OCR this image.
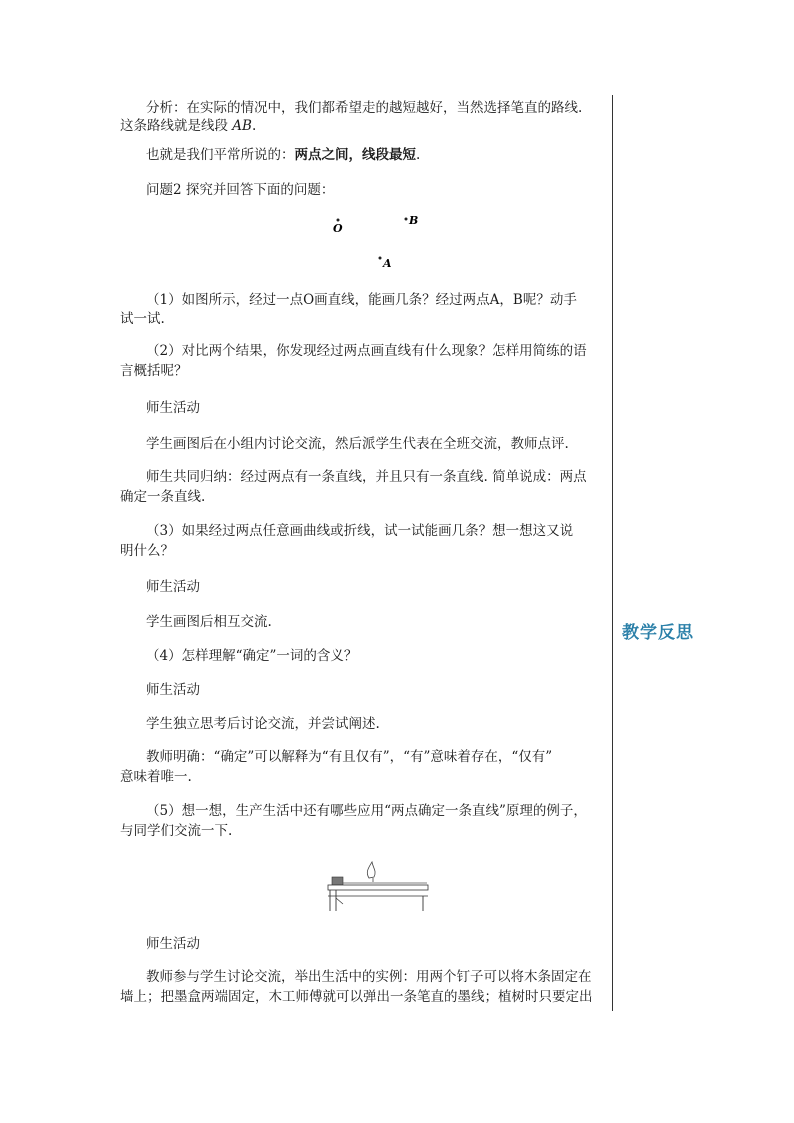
分析：在实际的情况中，我们都希望走的越短越好，当然选择笔直的路线.

这条路线就是线段 AB.

也就是我们平常所说的：两点之间，线段最短.

问题2 探究并回答下面的问题：

O
B
A

（1）如图所示，经过一点O画直线，能画几条？经过两点A，B呢？动手

试一试.

（2）对比两个结果，你发现经过两点画直线有什么现象？怎样用简练的语

言概括呢？

师生活动

学生画图后在小组内讨论交流，然后派学生代表在全班交流，教师点评.

师生共同归纳：经过两点有一条直线，并且只有一条直线. 简单说成：两点

确定一条直线.

（3）如果经过两点任意画曲线或折线，试一试能画几条？想一想这又说

明什么？

师生活动

学生画图后相互交流.

（4）怎样理解“确定”一词的含义？

师生活动

学生独立思考后讨论交流，并尝试阐述.

教师明确：“确定”可以解释为“有且仅有”，“有”意味着存在，“仅有”

意味着唯一.

（5）想一想，生产生活中还有哪些应用“两点确定一条直线”原理的例子，

与同学们交流一下.

师生活动

教师参与学生讨论交流，举出生活中的实例：用两个钉子可以将木条固定在

墙上；把墨盒两端固定，木工师傅就可以弹出一条笔直的墨线；植树时只要定出

教学反思
